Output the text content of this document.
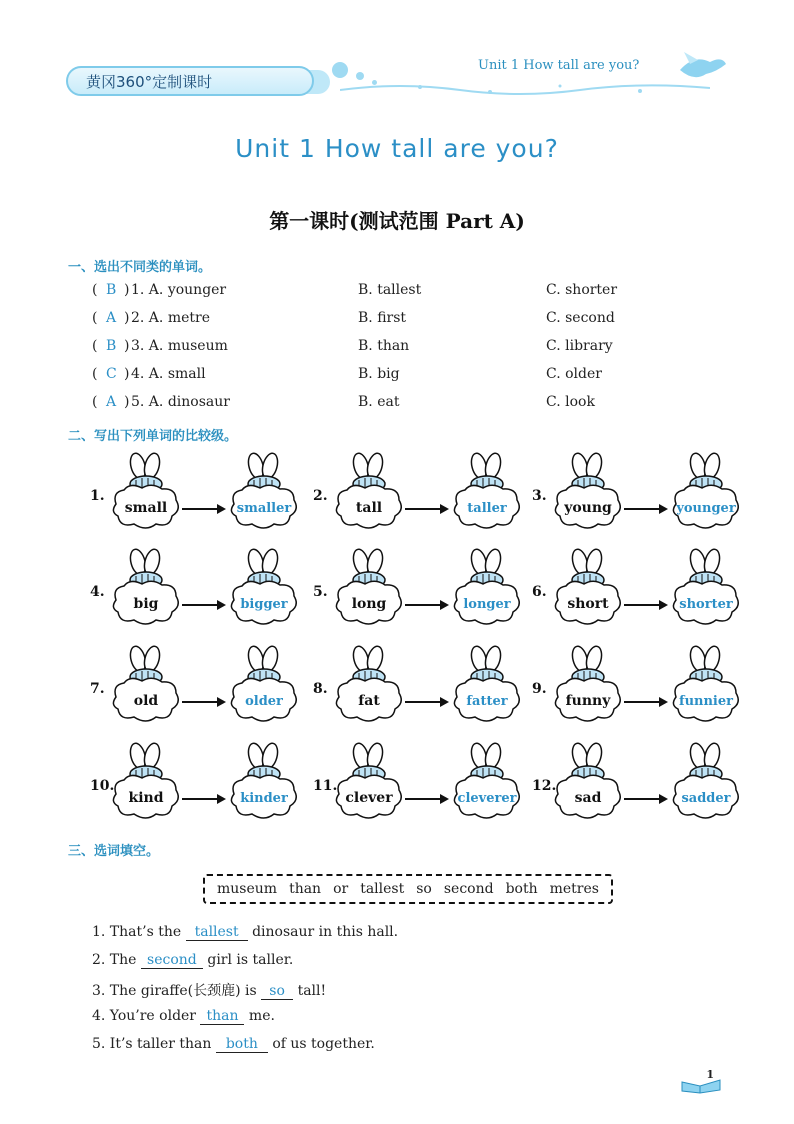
黄冈360°定制课时
Unit 1 How tall are you?
Unit 1 How tall are you?
第一课时(测试范围 Part A)
一、选出不同类的单词。
( B ) 1. A. younger	B. tallest	C. shorter
( A ) 2. A. metre	B. first	C. second
( B ) 3. A. museum	B. than	C. library
( C ) 4. A. small	B. big	C. older
( A ) 5. A. dinosaur	B. eat	C. look
二、写出下列单词的比较级。
1.
small	smaller
2.
tall	taller
3.
young	younger
4.
big	bigger
5.
long	longer
6.
short	shorter
7.
old	older
8.
fat	fatter
9.
funny	funnier
10.
kind	kinder
11.
clever	cleverer
12.
sad	sadder
三、选词填空。
museum than or tallest so second both metres
1. That’s the tallest dinosaur in this hall.
2. The second girl is taller.
3. The giraffe(长颈鹿) is so tall!
4. You’re older than me.
5. It’s taller than both of us together.
1
